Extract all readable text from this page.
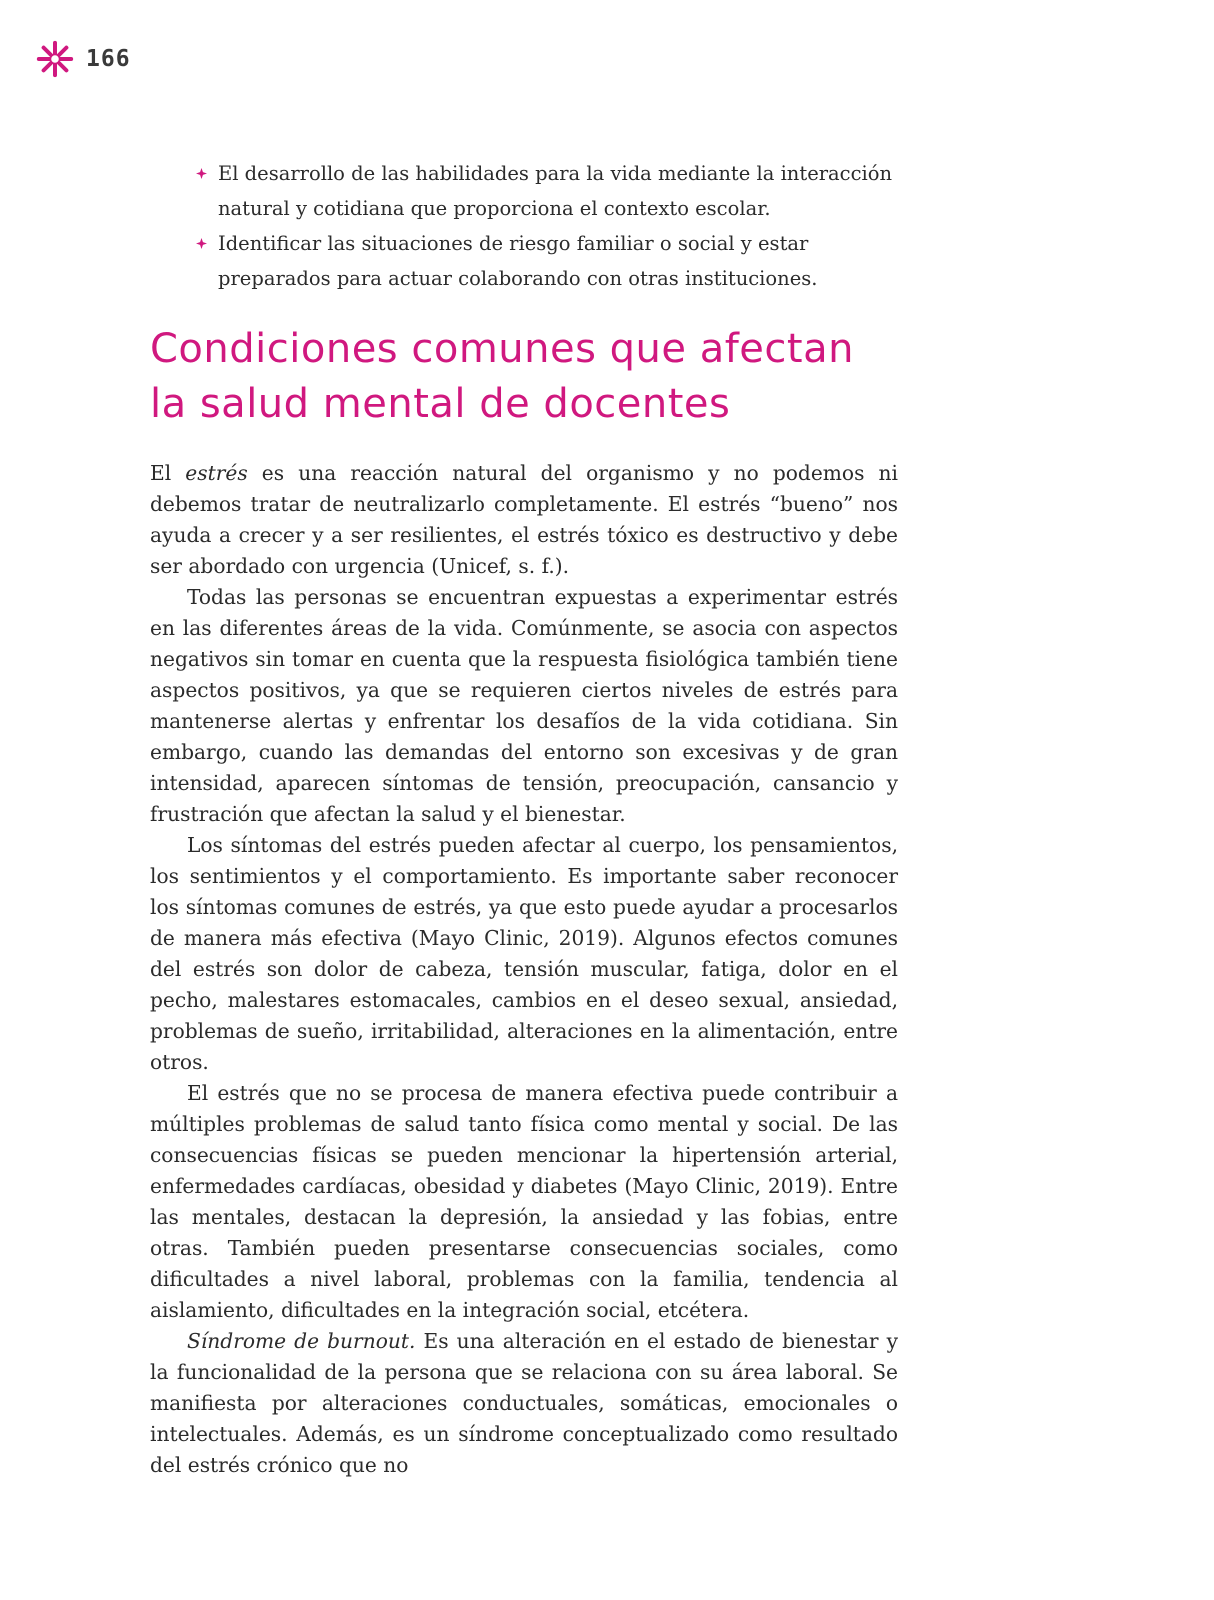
166

El desarrollo de las habilidades para la vida mediante la interacción natural y cotidiana que proporciona el contexto escolar.

Identificar las situaciones de riesgo familiar o social y estar preparados para actuar colaborando con otras instituciones.

Condiciones comunes que afectan
la salud mental de docentes

El estrés es una reacción natural del organismo y no podemos ni debemos tratar de neutralizarlo completamente. El estrés “bueno” nos ayuda a crecer y a ser resilientes, el estrés tóxico es destructivo y debe ser abordado con urgencia (Unicef, s. f.).

Todas las personas se encuentran expuestas a experimentar estrés en las diferentes áreas de la vida. Comúnmente, se asocia con aspectos negativos sin tomar en cuenta que la respuesta fisiológica también tiene aspectos positivos, ya que se requieren ciertos niveles de estrés para mantenerse alertas y enfrentar los desafíos de la vida cotidiana. Sin embargo, cuando las demandas del entorno son excesivas y de gran intensidad, aparecen síntomas de tensión, preocupación, cansancio y frustración que afectan la salud y el bienestar.

Los síntomas del estrés pueden afectar al cuerpo, los pensamientos, los sentimientos y el comportamiento. Es importante saber reconocer los síntomas comunes de estrés, ya que esto puede ayudar a procesarlos de manera más efectiva (Mayo Clinic, 2019). Algunos efectos comunes del estrés son dolor de cabeza, tensión muscular, fatiga, dolor en el pecho, malestares estomacales, cambios en el deseo sexual, ansiedad, problemas de sueño, irritabilidad, alteraciones en la alimentación, entre otros.

El estrés que no se procesa de manera efectiva puede contribuir a múltiples problemas de salud tanto física como mental y social. De las consecuencias físicas se pueden mencionar la hipertensión arterial, enfermedades cardíacas, obesidad y diabetes (Mayo Clinic, 2019). Entre las mentales, destacan la depresión, la ansiedad y las fobias, entre otras. También pueden presentarse consecuencias sociales, como dificultades a nivel laboral, problemas con la familia, tendencia al aislamiento, dificultades en la integración social, etcétera.

Síndrome de burnout. Es una alteración en el estado de bienestar y la funcionalidad de la persona que se relaciona con su área laboral. Se manifiesta por alteraciones conductuales, somáticas, emocionales o intelectuales. Además, es un síndrome conceptualizado como resultado del estrés crónico que no
